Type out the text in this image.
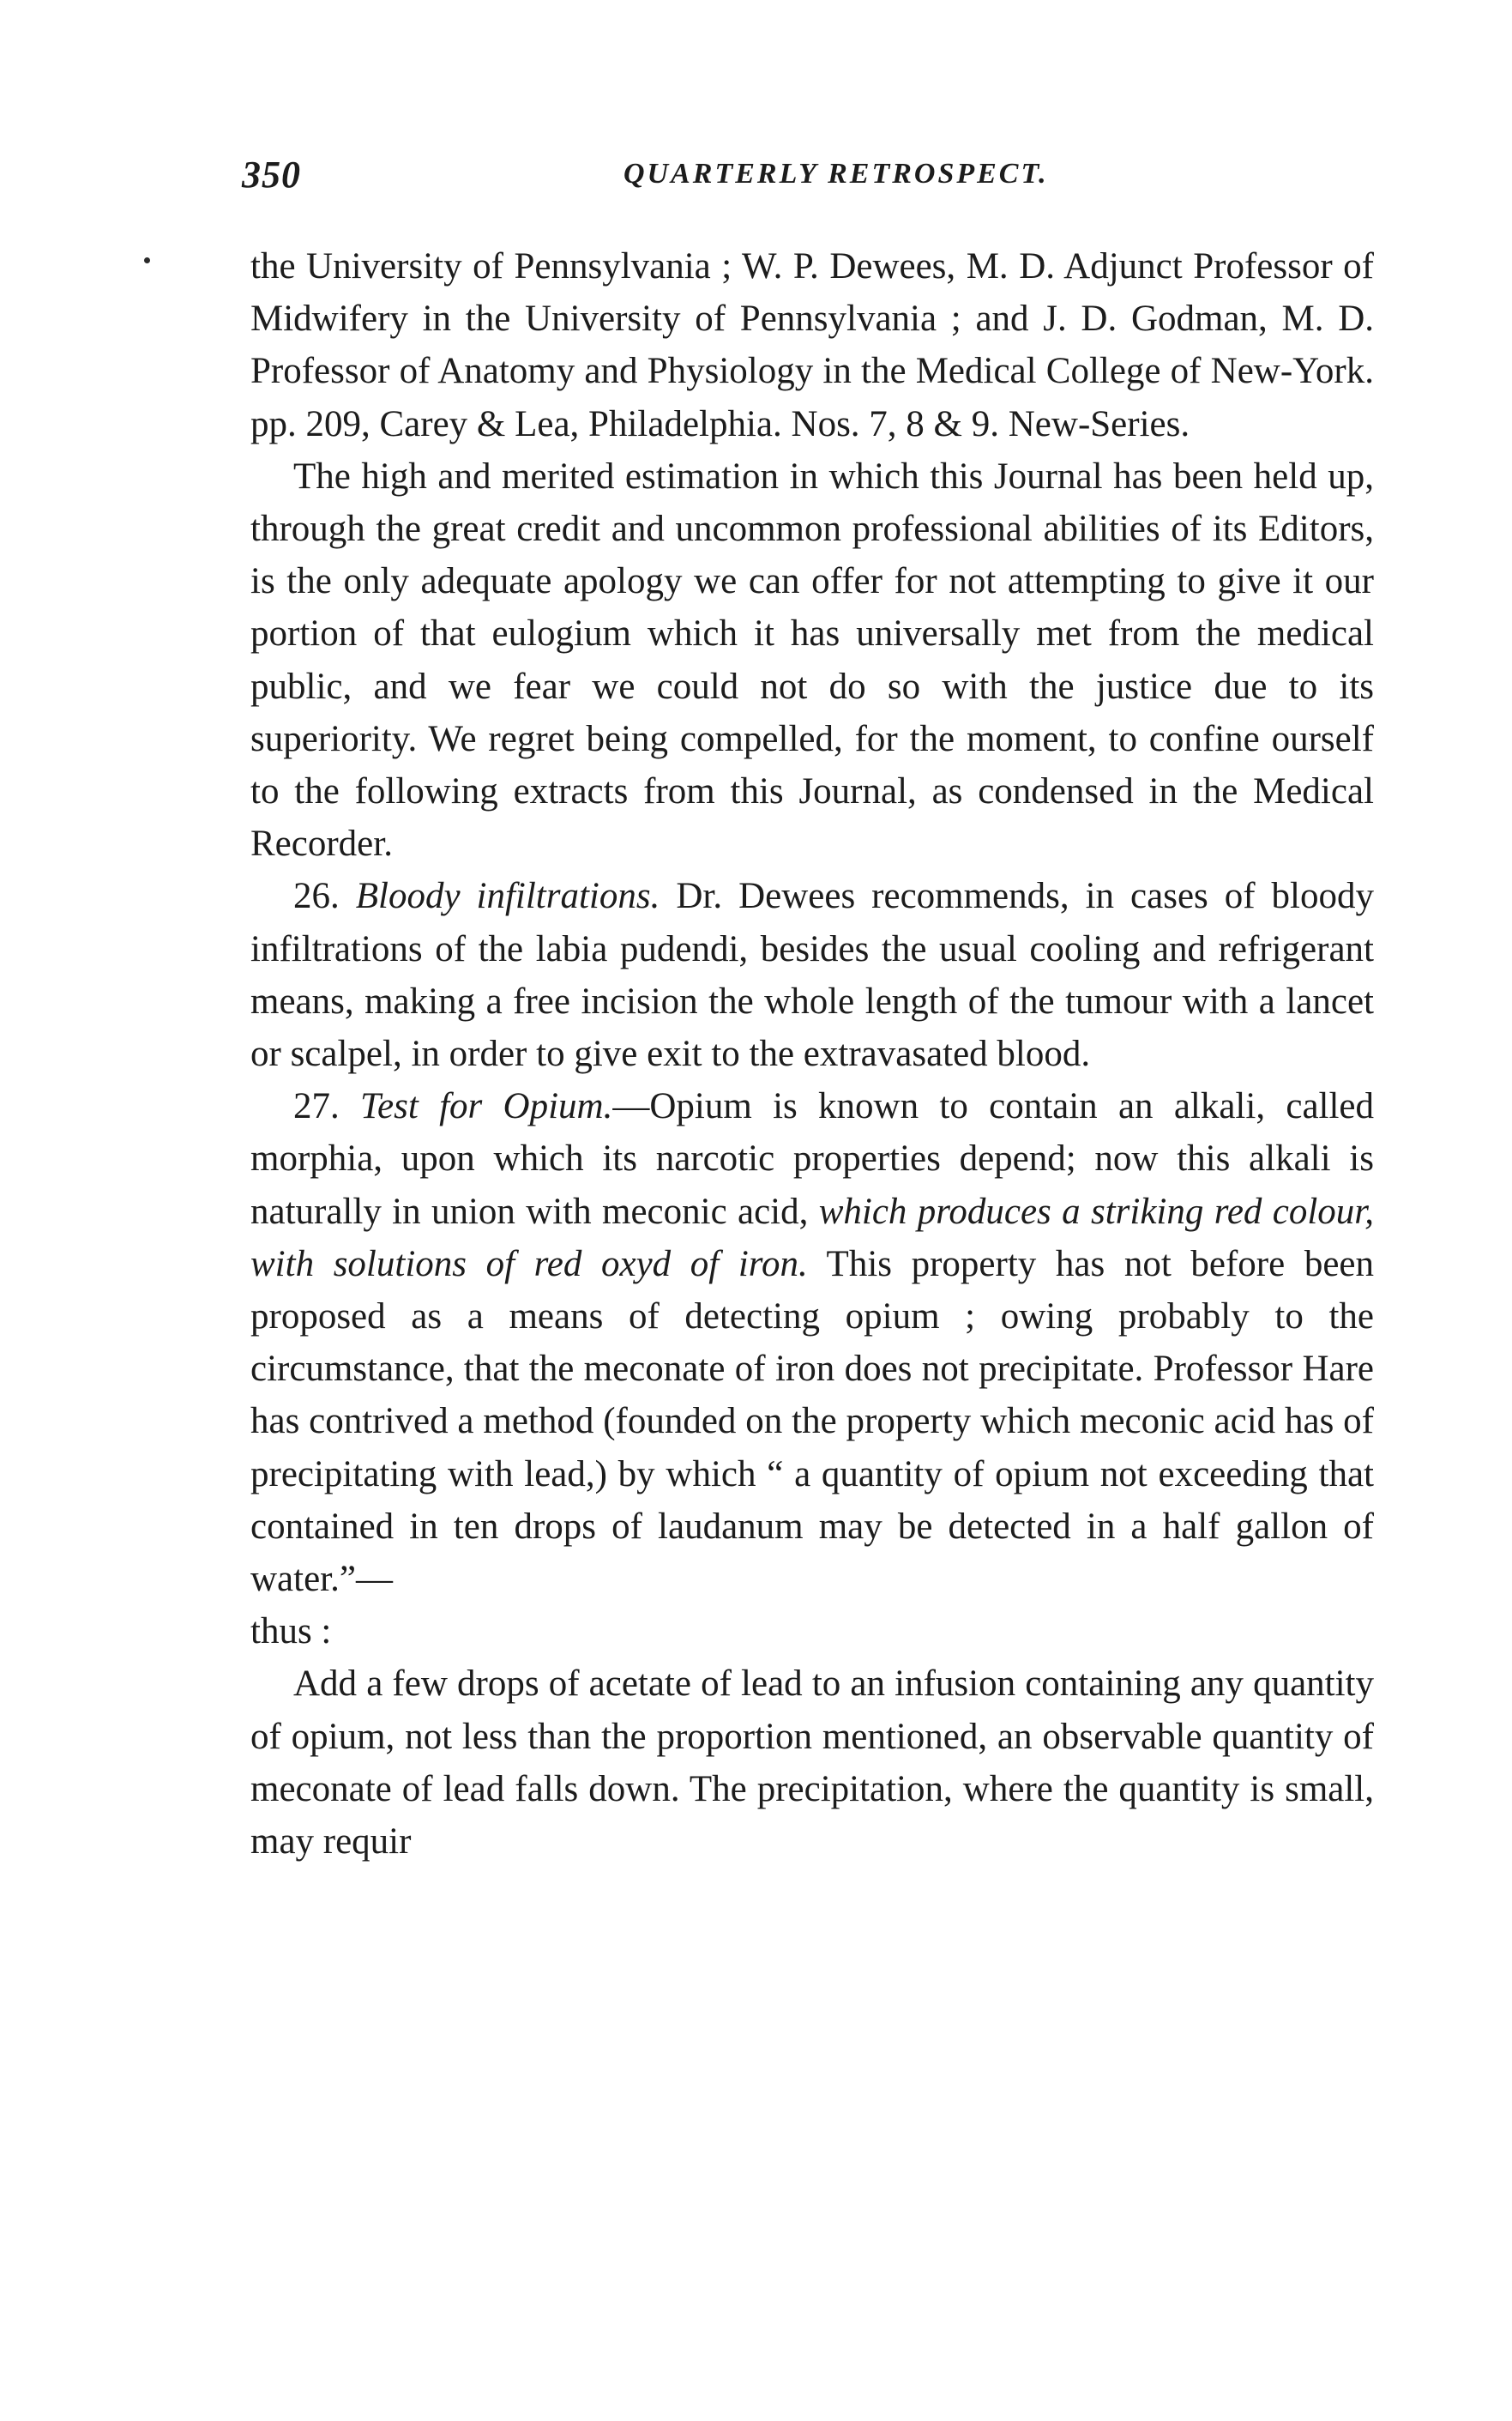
350	QUARTERLY RETROSPECT.

the University of Pennsylvania ; W. P. Dewees, M. D. Adjunct Professor of Midwifery in the University of Pennsylvania ; and J. D. Godman, M. D. Professor of Anatomy and Physiology in the Medical College of New-York. pp. 209, Carey & Lea, Philadelphia. Nos. 7, 8 & 9. New-Series.

The high and merited estimation in which this Journal has been held up, through the great credit and uncommon professional abilities of its Editors, is the only adequate apology we can offer for not attempting to give it our portion of that eulogium which it has universally met from the medical public, and we fear we could not do so with the justice due to its superiority. We regret being compelled, for the moment, to confine ourself to the following extracts from this Journal, as condensed in the Medical Recorder.

26. Bloody infiltrations. Dr. Dewees recommends, in cases of bloody infiltrations of the labia pudendi, besides the usual cooling and refrigerant means, making a free incision the whole length of the tumour with a lancet or scalpel, in order to give exit to the extravasated blood.

27. Test for Opium.—Opium is known to contain an alkali, called morphia, upon which its narcotic properties depend; now this alkali is naturally in union with meconic acid, which produces a striking red colour, with solutions of red oxyd of iron. This property has not before been proposed as a means of detecting opium ; owing probably to the circumstance, that the meconate of iron does not precipitate. Professor Hare has contrived a method (founded on the property which meconic acid has of precipitating with lead,) by which “ a quantity of opium not exceeding that contained in ten drops of laudanum may be detected in a half gallon of water.”—

thus :

Add a few drops of acetate of lead to an infusion containing any quantity of opium, not less than the proportion mentioned, an observable quantity of meconate of lead falls down. The precipitation, where the quantity is small, may requir
